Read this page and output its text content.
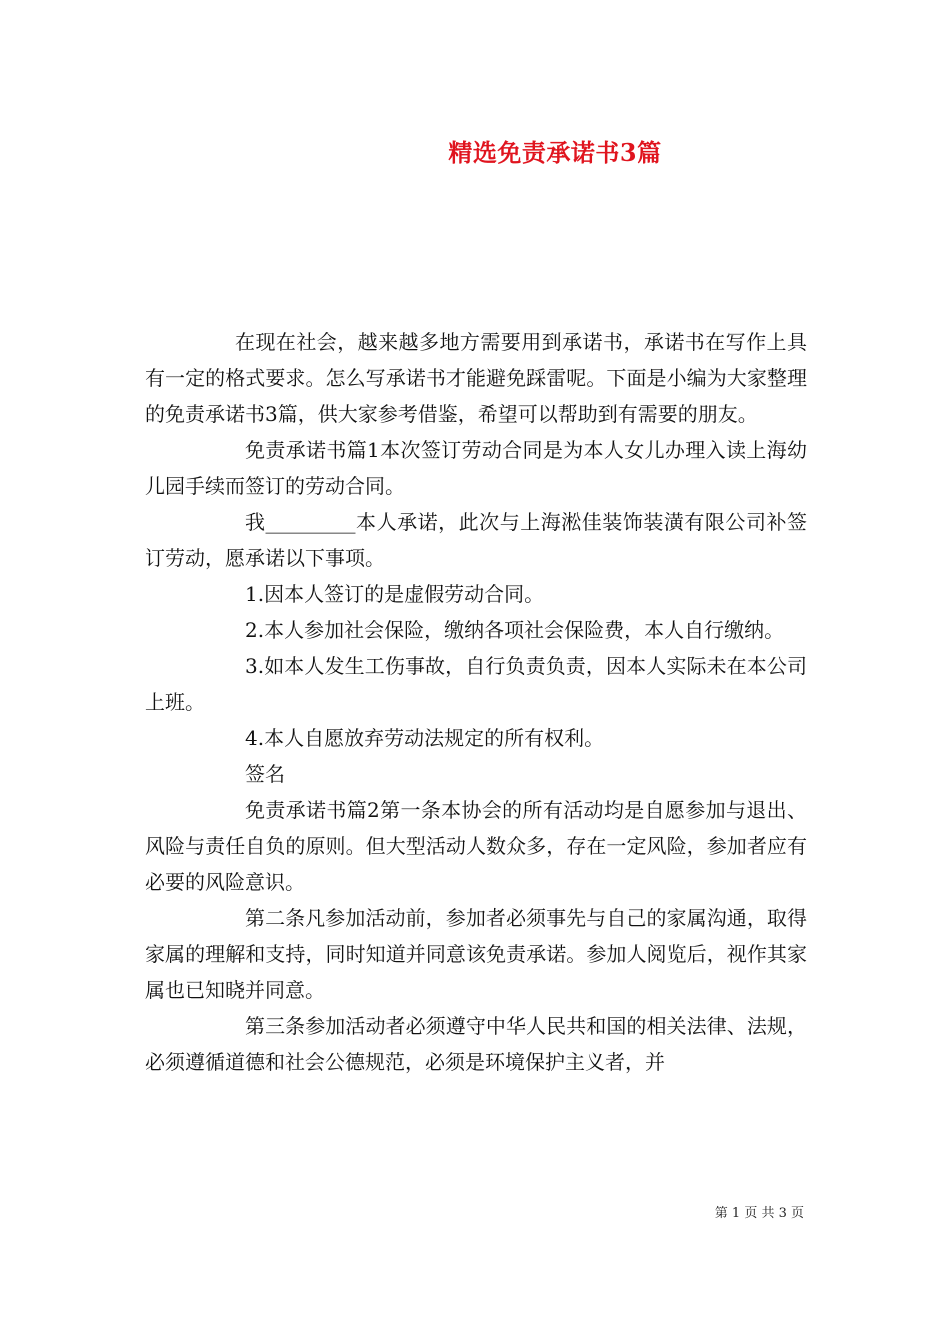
精选免责承诺书3篇

在现在社会，越来越多地方需要用到承诺书，承诺书在写作上具有一定的格式要求。怎么写承诺书才能避免踩雷呢。下面是小编为大家整理的免责承诺书3篇，供大家参考借鉴，希望可以帮助到有需要的朋友。

免责承诺书篇1本次签订劳动合同是为本人女儿办理入读上海幼儿园手续而签订的劳动合同。

我_________本人承诺，此次与上海淞佳装饰装潢有限公司补签订劳动，愿承诺以下事项。

1.因本人签订的是虚假劳动合同。

2.本人参加社会保险，缴纳各项社会保险费，本人自行缴纳。

3.如本人发生工伤事故，自行负责负责，因本人实际未在本公司上班。

4.本人自愿放弃劳动法规定的所有权利。

签名

免责承诺书篇2第一条本协会的所有活动均是自愿参加与退出、风险与责任自负的原则。但大型活动人数众多，存在一定风险，参加者应有必要的风险意识。

第二条凡参加活动前，参加者必须事先与自己的家属沟通，取得家属的理解和支持，同时知道并同意该免责承诺。参加人阅览后，视作其家属也已知晓并同意。

第三条参加活动者必须遵守中华人民共和国的相关法律、法规，必须遵循道德和社会公德规范，必须是环境保护主义者，并

第 1 页 共 3 页
